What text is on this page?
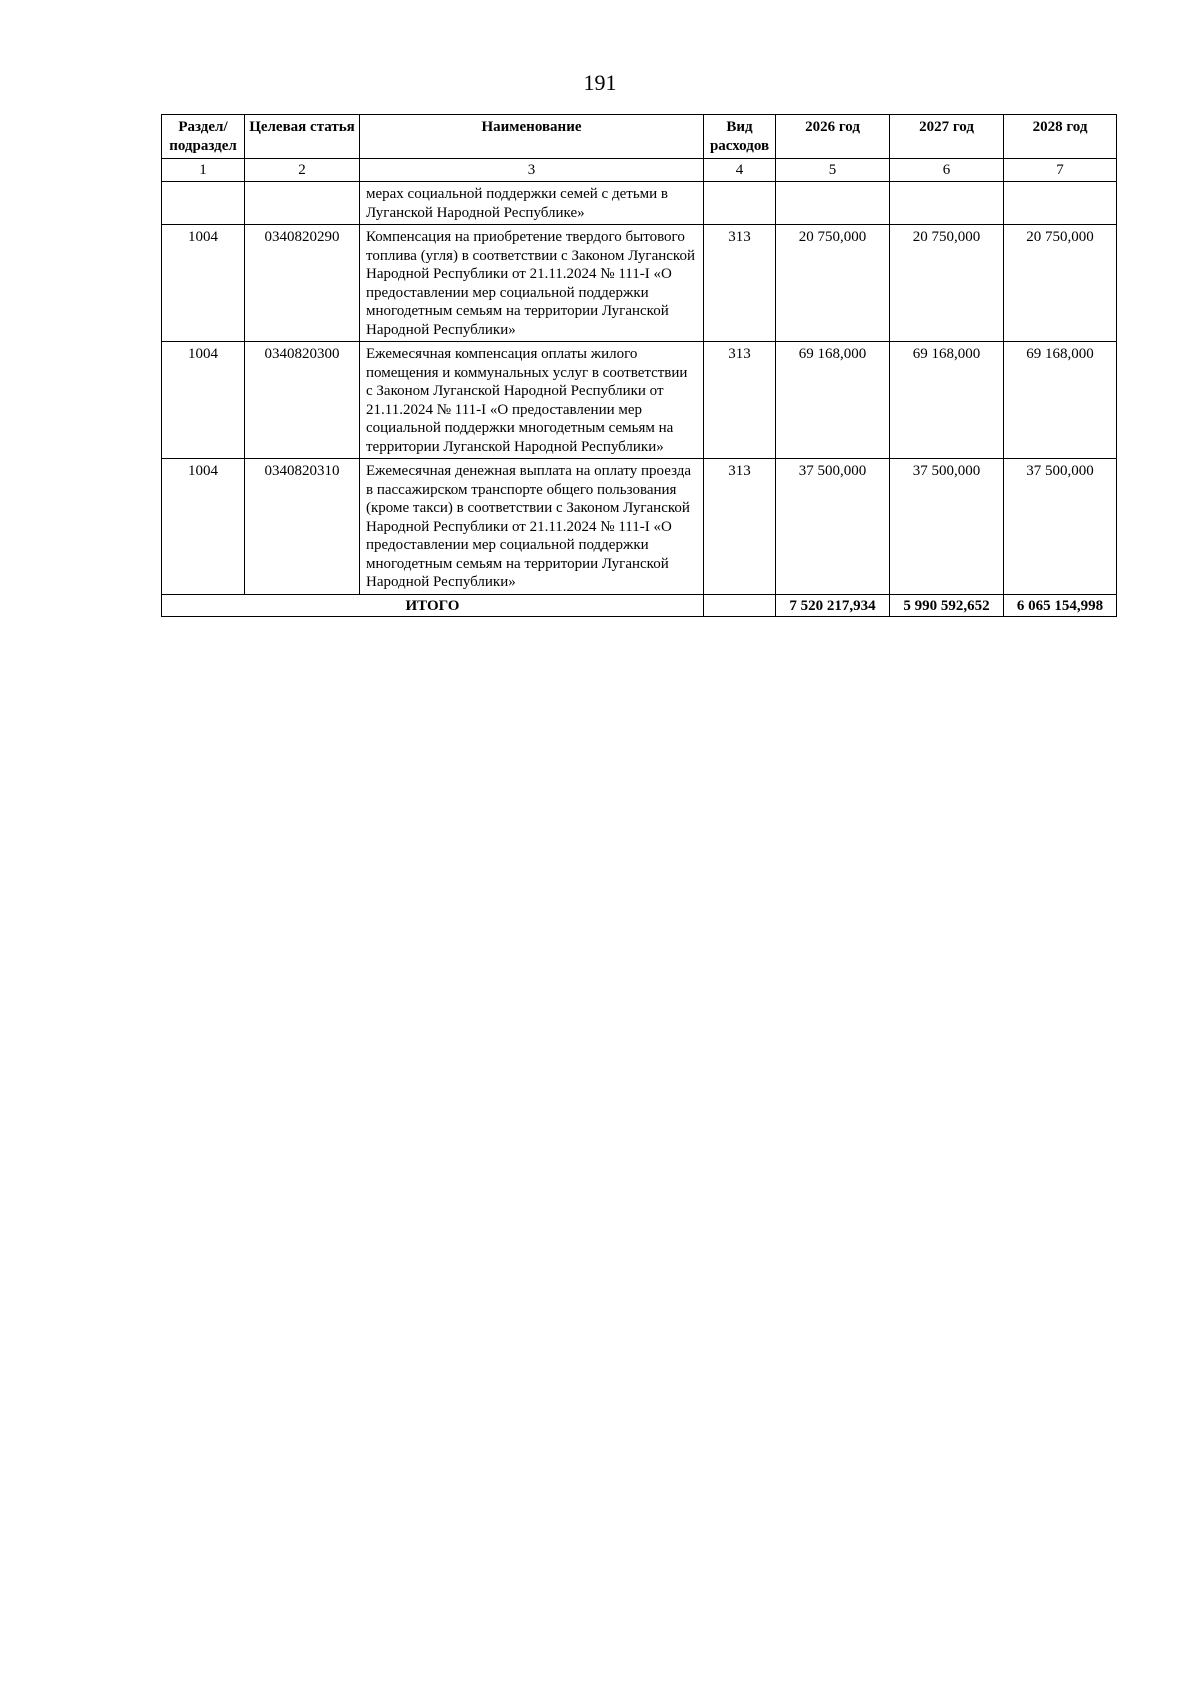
191
Раздел/ подраздел	Целевая статья	Наименование	Вид расходов	2026 год	2027 год	2028 год
1	2	3	4	5	6	7
		мерах социальной поддержки семей с детьми в Луганской Народной Республике»				
1004	0340820290	Компенсация на приобретение твердого бытового топлива (угля) в соответствии с Законом Луганской Народной Республики от 21.11.2024 № 111-I «О предоставлении мер социальной поддержки многодетным семьям на территории Луганской Народной Республики»	313	20 750,000	20 750,000	20 750,000
1004	0340820300	Ежемесячная компенсация оплаты жилого помещения и коммунальных услуг в соответствии с Законом Луганской Народной Республики от 21.11.2024 № 111-I «О предоставлении мер социальной поддержки многодетным семьям на территории Луганской Народной Республики»	313	69 168,000	69 168,000	69 168,000
1004	0340820310	Ежемесячная денежная выплата на оплату проезда в пассажирском транспорте общего пользования (кроме такси) в соответствии с Законом Луганской Народной Республики от 21.11.2024 № 111-I «О предоставлении мер социальной поддержки многодетным семьям на территории Луганской Народной Республики»	313	37 500,000	37 500,000	37 500,000
ИТОГО				7 520 217,934	5 990 592,652	6 065 154,998
